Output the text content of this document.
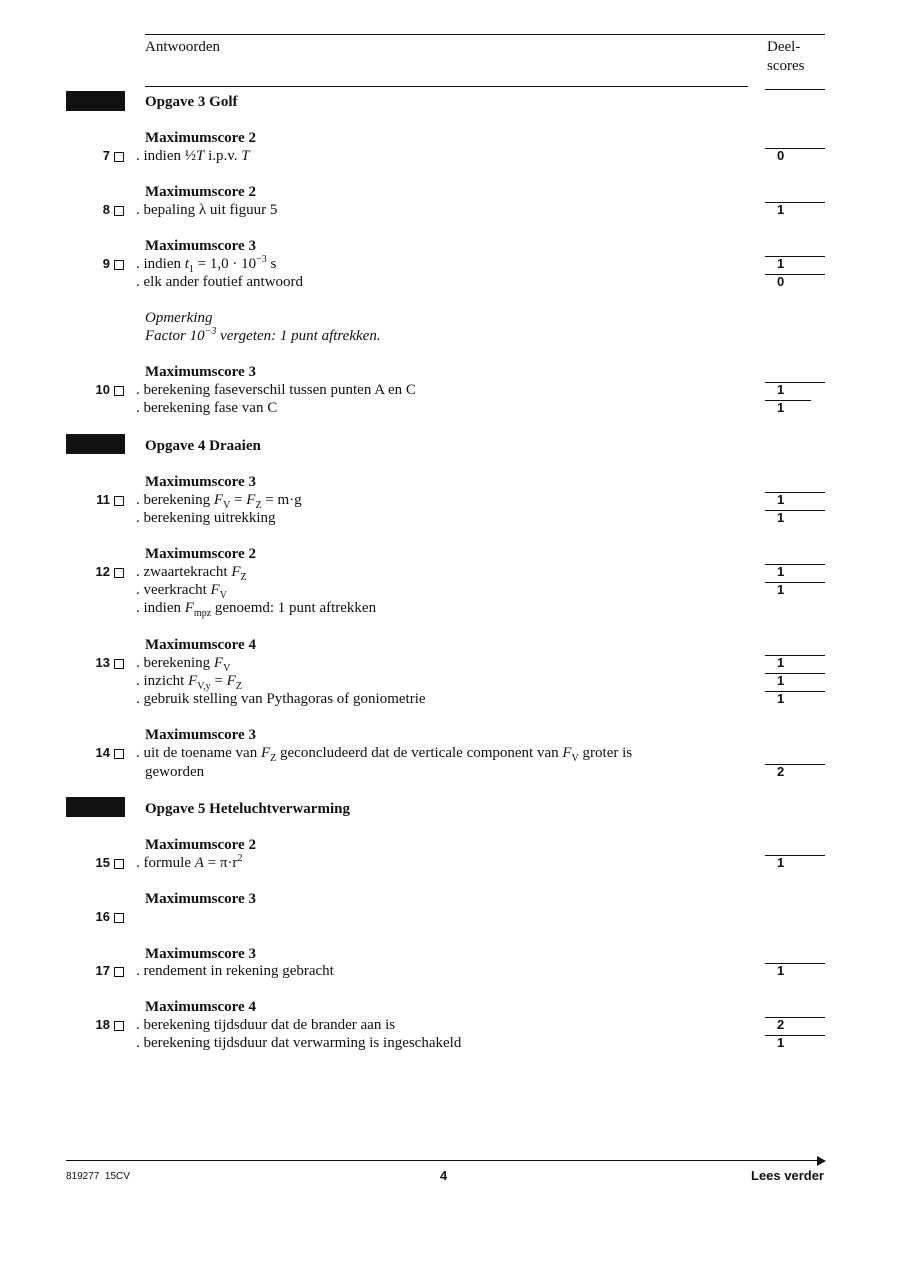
Antwoorden	Deel-
scores
Opgave 3 Golf
Maximumscore 2
7 . indien ½T i.p.v. T	0
Maximumscore 2
8 . bepaling λ uit figuur 5	1
Maximumscore 3
9 . indien $t_1 = 1,0 \cdot 10^{-3}$ s	1
. elk ander foutief antwoord	0
Opmerking
Factor $10^{-3}$ vergeten: 1 punt aftrekken.
Maximumscore 3
10 . berekening faseverschil tussen punten A en C	1
. berekening fase van C	1
Opgave 4 Draaien
Maximumscore 3
11 . berekening $F_V = F_Z = m\cdot g$	1
. berekening uitrekking	1
Maximumscore 2
12 . zwaartekracht $F_Z$	1
. veerkracht $F_V$	1
. indien $F_{mpz}$ genoemd: 1 punt aftrekken
Maximumscore 4
13 . berekening $F_V$	1
. inzicht $F_{V,y} = F_Z$	1
. gebruik stelling van Pythagoras of goniometrie	1
Maximumscore 3
14 . uit de toename van $F_Z$ geconcludeerd dat de verticale component van $F_V$ groter is
geworden	2
Opgave 5 Heteluchtverwarming
Maximumscore 2
15 . formule $A = \pi\cdot r^2$	1
Maximumscore 3
16
Maximumscore 3
17 . rendement in rekening gebracht	1
Maximumscore 4
18 . berekening tijdsduur dat de brander aan is	2
. berekening tijdsduur dat verwarming is ingeschakeld	1
819277  15CV	4	Lees verder
